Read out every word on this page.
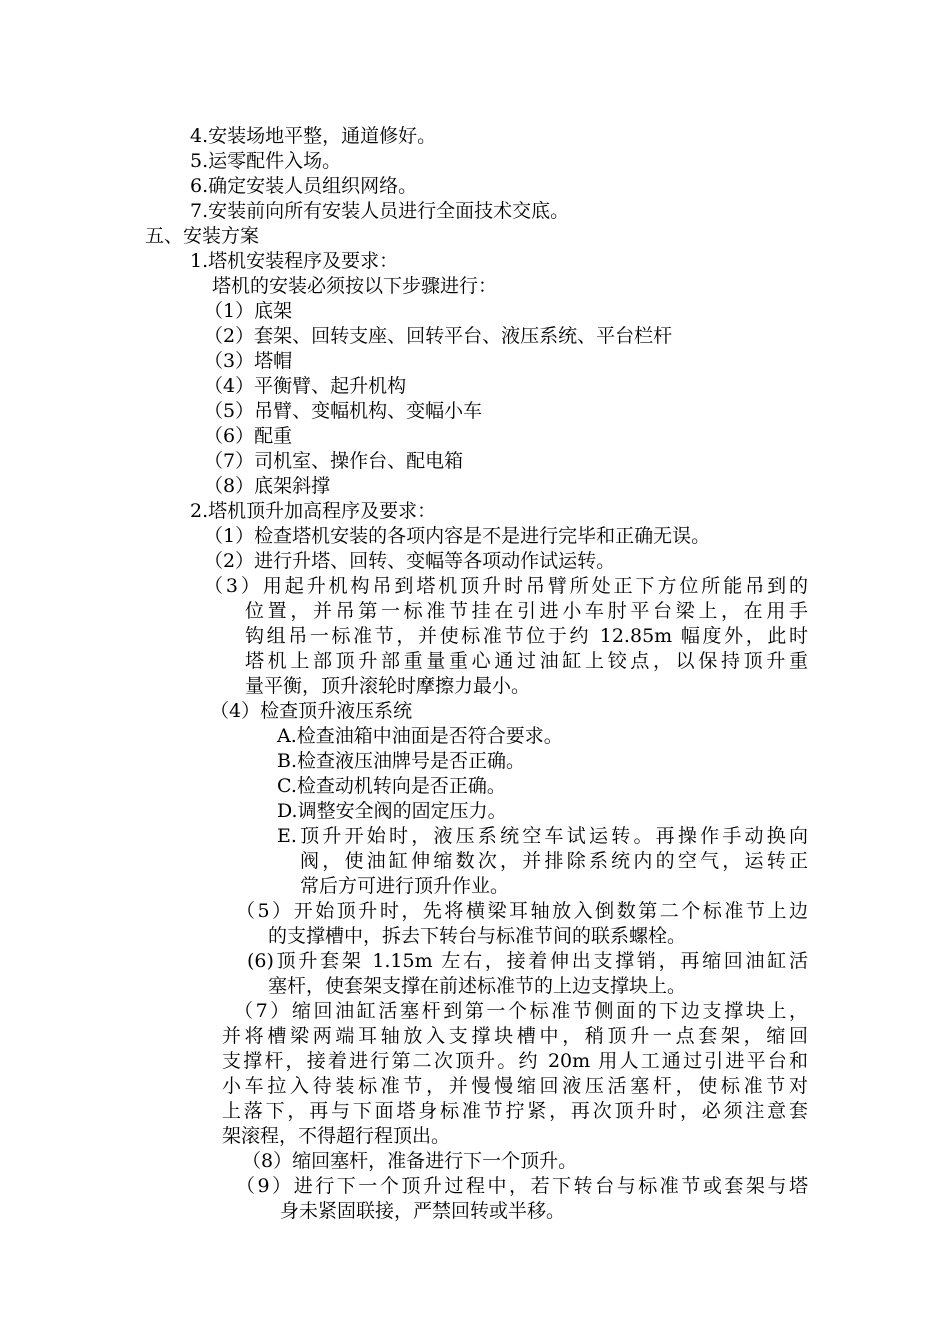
4.安装场地平整，通道修好。
5.运零配件入场。
6.确定安装人员组织网络。
7.安装前向所有安装人员进行全面技术交底。
五、安装方案
1.塔机安装程序及要求：
塔机的安装必须按以下步骤进行：
（1）底架
（2）套架、回转支座、回转平台、液压系统、平台栏杆
（3）塔帽
（4）平衡臂、起升机构
（5）吊臂、变幅机构、变幅小车
（6）配重
（7）司机室、操作台、配电箱
（8）底架斜撑
2.塔机顶升加高程序及要求：
（1）检查塔机安装的各项内容是不是进行完毕和正确无误。
（2）进行升塔、回转、变幅等各项动作试运转。
（3）用起升机构吊到塔机顶升时吊臂所处正下方位所能吊到的
位置，并吊第一标准节挂在引进小车肘平台梁上，在用手
钩组吊一标准节，并使标准节位于约 12.85m 幅度外，此时
塔机上部顶升部重量重心通过油缸上铰点，以保持顶升重
量平衡，顶升滚轮时摩擦力最小。
（4）检查顶升液压系统
A.检查油箱中油面是否符合要求。
B.检查液压油牌号是否正确。
C.检查动机转向是否正确。
D.调整安全阀的固定压力。
E.顶升开始时，液压系统空车试运转。再操作手动换向
阀，使油缸伸缩数次，并排除系统内的空气，运转正
常后方可进行顶升作业。
（5）开始顶升时，先将横梁耳轴放入倒数第二个标准节上边
的支撑槽中，拆去下转台与标准节间的联系螺栓。
(6)顶升套架 1.15m 左右，接着伸出支撑销，再缩回油缸活
塞杆，使套架支撑在前述标准节的上边支撑块上。
（7）缩回油缸活塞杆到第一个标准节侧面的下边支撑块上，
并将槽梁两端耳轴放入支撑块槽中，稍顶升一点套架，缩回
支撑杆，接着进行第二次顶升。约 20m 用人工通过引进平台和
小车拉入待装标准节，并慢慢缩回液压活塞杆，使标准节对
上落下，再与下面塔身标准节拧紧，再次顶升时，必须注意套
架滚程，不得超行程顶出。
（8）缩回塞杆，准备进行下一个顶升。
（9）进行下一个顶升过程中，若下转台与标准节或套架与塔
身未紧固联接，严禁回转或半移。
